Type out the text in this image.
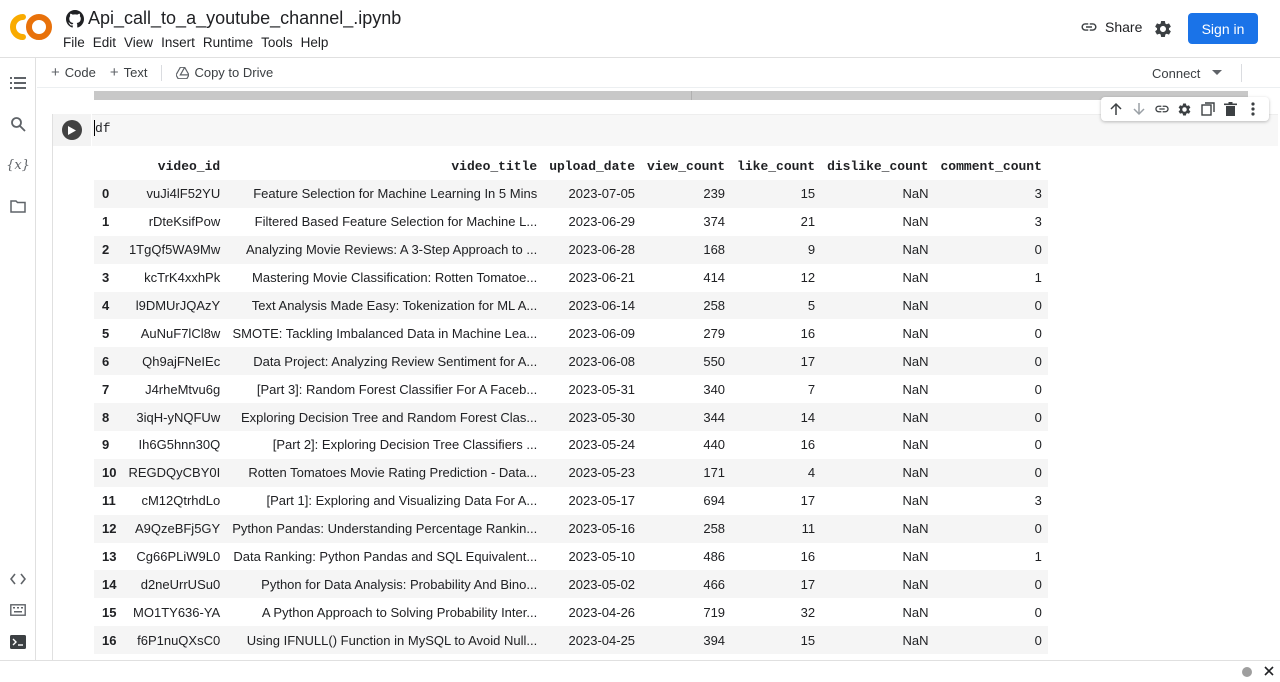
Api_call_to_a_youtube_channel_.ipynb
File Edit View Insert Runtime Tools Help
Share	Sign in
{x}
+ Code + Text	Copy to Drive	Connect
df
	video_id	video_title	upload_date	view_count	like_count	dislike_count	comment_count
0	vuJi4lF52YU	Feature Selection for Machine Learning In 5 Mins	2023-07-05	239	15	NaN	3
1	rDteKsifPow	Filtered Based Feature Selection for Machine L...	2023-06-29	374	21	NaN	3
2	1TgQf5WA9Mw	Analyzing Movie Reviews: A 3-Step Approach to ...	2023-06-28	168	9	NaN	0
3	kcTrK4xxhPk	Mastering Movie Classification: Rotten Tomatoe...	2023-06-21	414	12	NaN	1
4	l9DMUrJQAzY	Text Analysis Made Easy: Tokenization for ML A...	2023-06-14	258	5	NaN	0
5	AuNuF7lCl8w	SMOTE: Tackling Imbalanced Data in Machine Lea...	2023-06-09	279	16	NaN	0
6	Qh9ajFNeIEc	Data Project: Analyzing Review Sentiment for A...	2023-06-08	550	17	NaN	0
7	J4rheMtvu6g	[Part 3]: Random Forest Classifier For A Faceb...	2023-05-31	340	7	NaN	0
8	3iqH-yNQFUw	Exploring Decision Tree and Random Forest Clas...	2023-05-30	344	14	NaN	0
9	Ih6G5hnn30Q	[Part 2]: Exploring Decision Tree Classifiers ...	2023-05-24	440	16	NaN	0
10	REGDQyCBY0I	Rotten Tomatoes Movie Rating Prediction - Data...	2023-05-23	171	4	NaN	0
11	cM12QtrhdLo	[Part 1]: Exploring and Visualizing Data For A...	2023-05-17	694	17	NaN	3
12	A9QzeBFj5GY	Python Pandas: Understanding Percentage Rankin...	2023-05-16	258	11	NaN	0
13	Cg66PLiW9L0	Data Ranking: Python Pandas and SQL Equivalent...	2023-05-10	486	16	NaN	1
14	d2neUrrUSu0	Python for Data Analysis: Probability And Bino...	2023-05-02	466	17	NaN	0
15	MO1TY636-YA	A Python Approach to Solving Probability Inter...	2023-04-26	719	32	NaN	0
16	f6P1nuQXsC0	Using IFNULL() Function in MySQL to Avoid Null...	2023-04-25	394	15	NaN	0
